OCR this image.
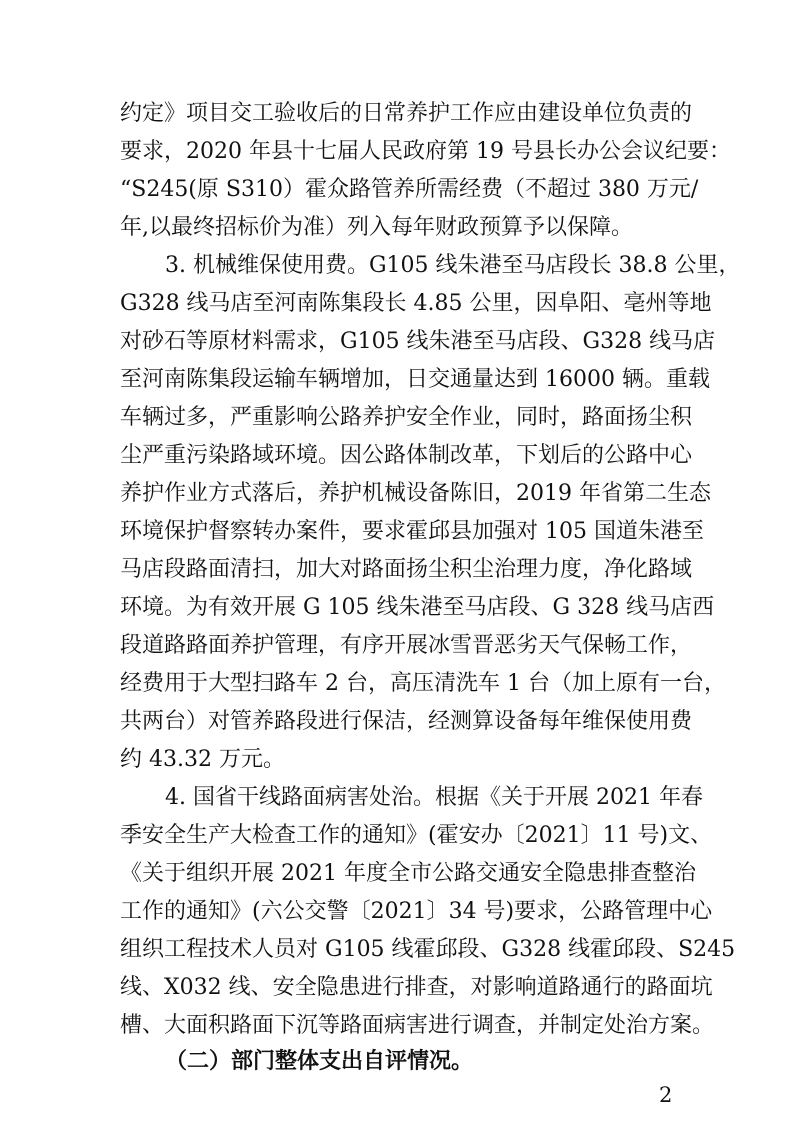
约定》项目交工验收后的日常养护工作应由建设单位负责的
要求，2020 年县十七届人民政府第 19 号县长办公会议纪要：
“S245(原 S310）霍众路管养所需经费（不超过 380 万元/
年,以最终招标价为准）列入每年财政预算予以保障。
3. 机械维保使用费。G105 线朱港至马店段长 38.8 公里，
G328 线马店至河南陈集段长 4.85 公里，因阜阳、亳州等地
对砂石等原材料需求，G105 线朱港至马店段、G328 线马店
至河南陈集段运输车辆增加，日交通量达到 16000 辆。重载
车辆过多，严重影响公路养护安全作业，同时，路面扬尘积
尘严重污染路域环境。因公路体制改革，下划后的公路中心
养护作业方式落后，养护机械设备陈旧，2019 年省第二生态
环境保护督察转办案件，要求霍邱县加强对 105 国道朱港至
马店段路面清扫，加大对路面扬尘积尘治理力度，净化路域
环境。为有效开展 G 105 线朱港至马店段、G 328 线马店西
段道路路面养护管理，有序开展冰雪晋恶劣天气保畅工作，
经费用于大型扫路车 2 台，高压清洗车 1 台（加上原有一台，
共两台）对管养路段进行保洁，经测算设备每年维保使用费
约 43.32 万元。
4. 国省干线路面病害处治。根据《关于开展 2021 年春
季安全生产大检查工作的通知》(霍安办〔2021〕11 号)文、
《关于组织开展 2021 年度全市公路交通安全隐患排查整治
工作的通知》(六公交警〔2021〕34 号)要求，公路管理中心
组织工程技术人员对 G105 线霍邱段、G328 线霍邱段、S245
线、X032 线、安全隐患进行排查，对影响道路通行的路面坑
槽、大面积路面下沉等路面病害进行调查，并制定处治方案。
（二）部门整体支出自评情况。
2
